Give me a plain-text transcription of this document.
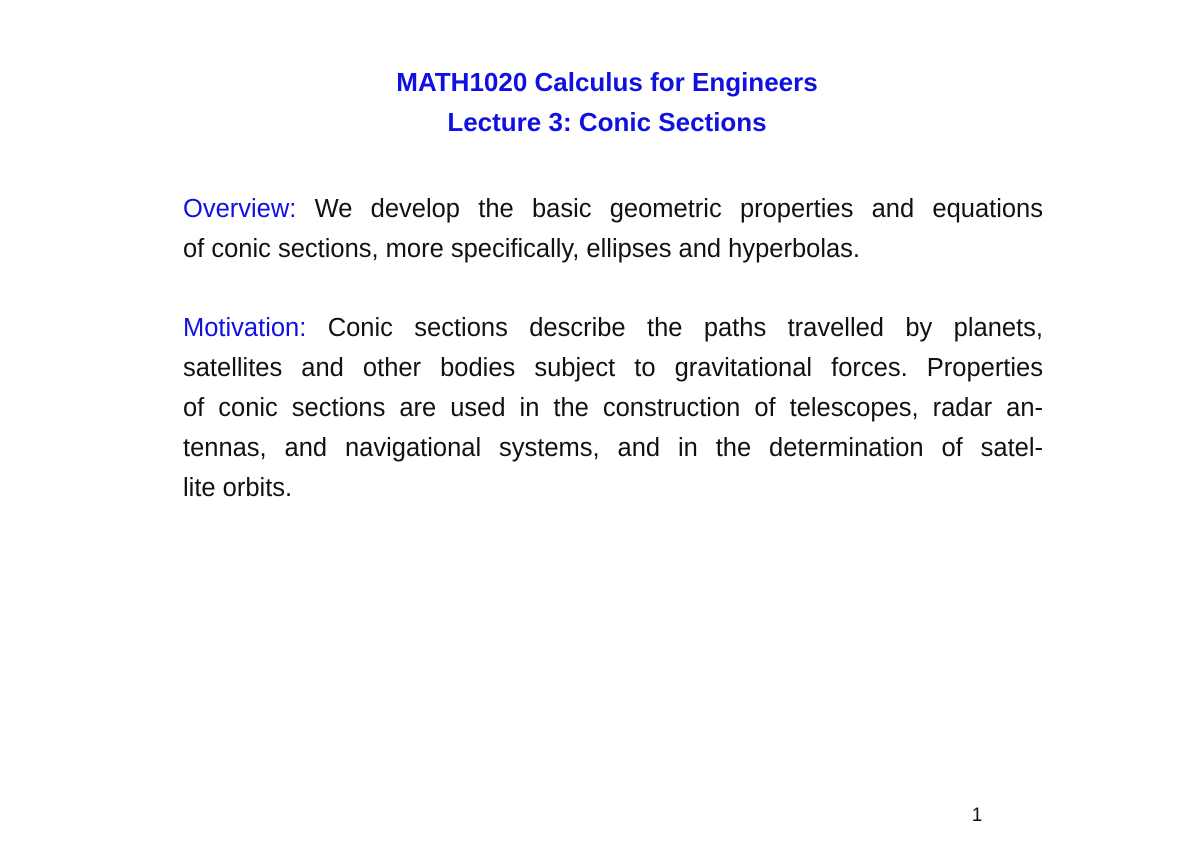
MATH1020 Calculus for Engineers
Lecture 3: Conic Sections
Overview: We develop the basic geometric properties and equations
of conic sections, more specifically, ellipses and hyperbolas.
Motivation: Conic sections describe the paths travelled by planets,
satellites and other bodies subject to gravitational forces. Properties
of conic sections are used in the construction of telescopes, radar an-
tennas, and navigational systems, and in the determination of satel-
lite orbits.
1
